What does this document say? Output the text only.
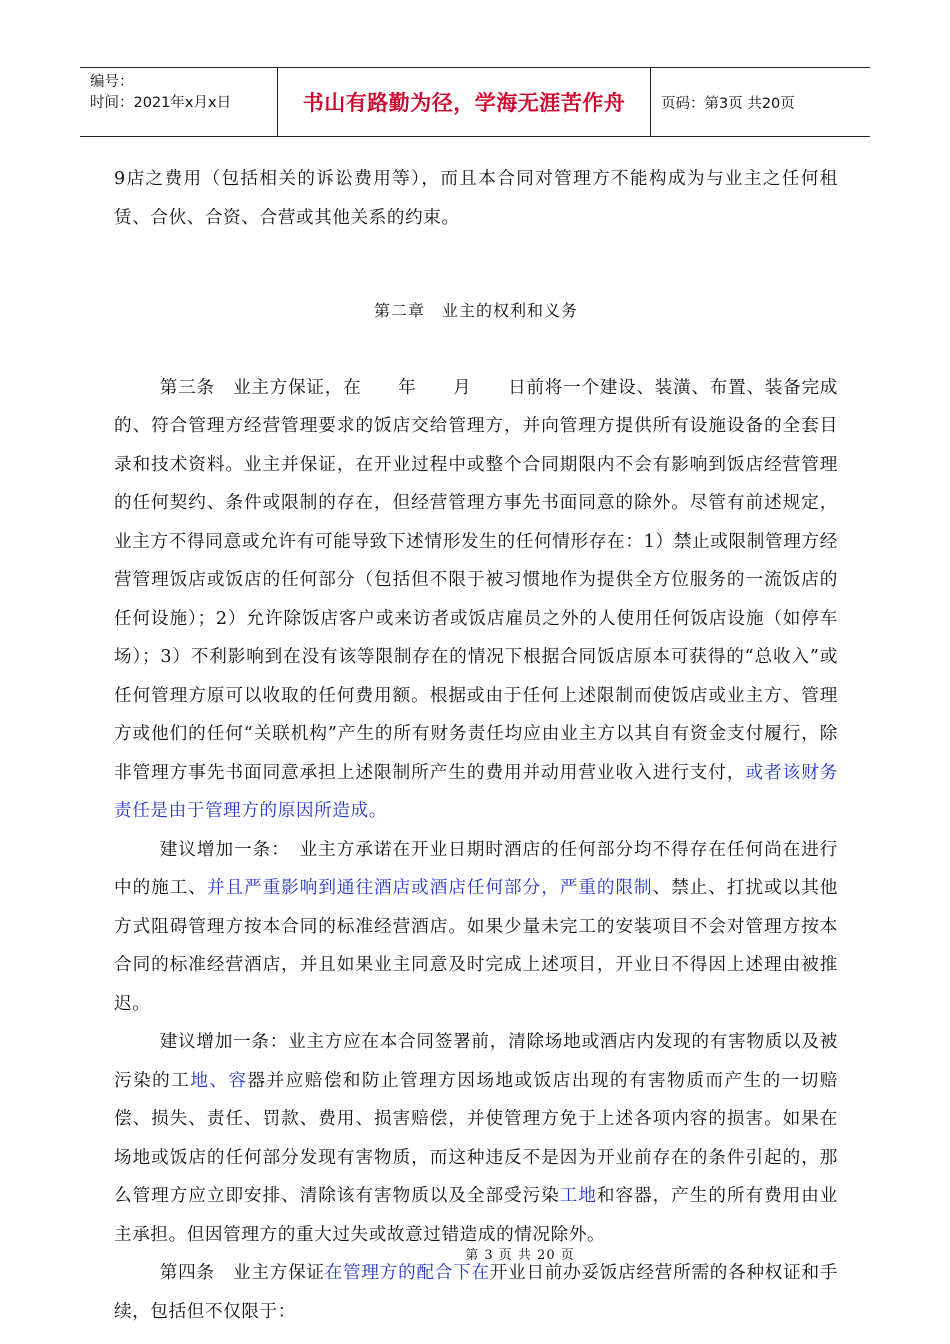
编号：
时间：2021年x月x日	书山有路勤为径，学海无涯苦作舟	页码：第3页 共20页

9店之费用（包括相关的诉讼费用等），而且本合同对管理方不能构成为与业主之任何租赁、合伙、合资、合营或其他关系的约束。

第二章　业主的权利和义务

第三条　业主方保证，在　　年　　月　　日前将一个建设、装潢、布置、装备完成的、符合管理方经营管理要求的饭店交给管理方，并向管理方提供所有设施设备的全套目录和技术资料。业主并保证，在开业过程中或整个合同期限内不会有影响到饭店经营管理的任何契约、条件或限制的存在，但经营管理方事先书面同意的除外。尽管有前述规定，业主方不得同意或允许有可能导致下述情形发生的任何情形存在：1）禁止或限制管理方经营管理饭店或饭店的任何部分（包括但不限于被习惯地作为提供全方位服务的一流饭店的任何设施）；2）允许除饭店客户或来访者或饭店雇员之外的人使用任何饭店设施（如停车场）；3）不利影响到在没有该等限制存在的情况下根据合同饭店原本可获得的“总收入”或任何管理方原可以收取的任何费用额。根据或由于任何上述限制而使饭店或业主方、管理方或他们的任何“关联机构”产生的所有财务责任均应由业主方以其自有资金支付履行，除非管理方事先书面同意承担上述限制所产生的费用并动用营业收入进行支付，或者该财务责任是由于管理方的原因所造成。

建议增加一条：　业主方承诺在开业日期时酒店的任何部分均不得存在任何尚在进行中的施工、并且严重影响到通往酒店或酒店任何部分，严重的限制、禁止、打扰或以其他方式阻碍管理方按本合同的标准经营酒店。如果少量未完工的安装项目不会对管理方按本合同的标准经营酒店，并且如果业主同意及时完成上述项目，开业日不得因上述理由被推迟。

建议增加一条：业主方应在本合同签署前，清除场地或酒店内发现的有害物质以及被污染的工地、容器并应赔偿和防止管理方因场地或饭店出现的有害物质而产生的一切赔偿、损失、责任、罚款、费用、损害赔偿，并使管理方免于上述各项内容的损害。如果在场地或饭店的任何部分发现有害物质，而这种违反不是因为开业前存在的条件引起的，那么管理方应立即安排、清除该有害物质以及全部受污染工地和容器，产生的所有费用由业主承担。但因管理方的重大过失或故意过错造成的情况除外。

第四条　业主方保证在管理方的配合下在开业日前办妥饭店经营所需的各种权证和手续，包括但不仅限于：

第 3 页 共 20 页
